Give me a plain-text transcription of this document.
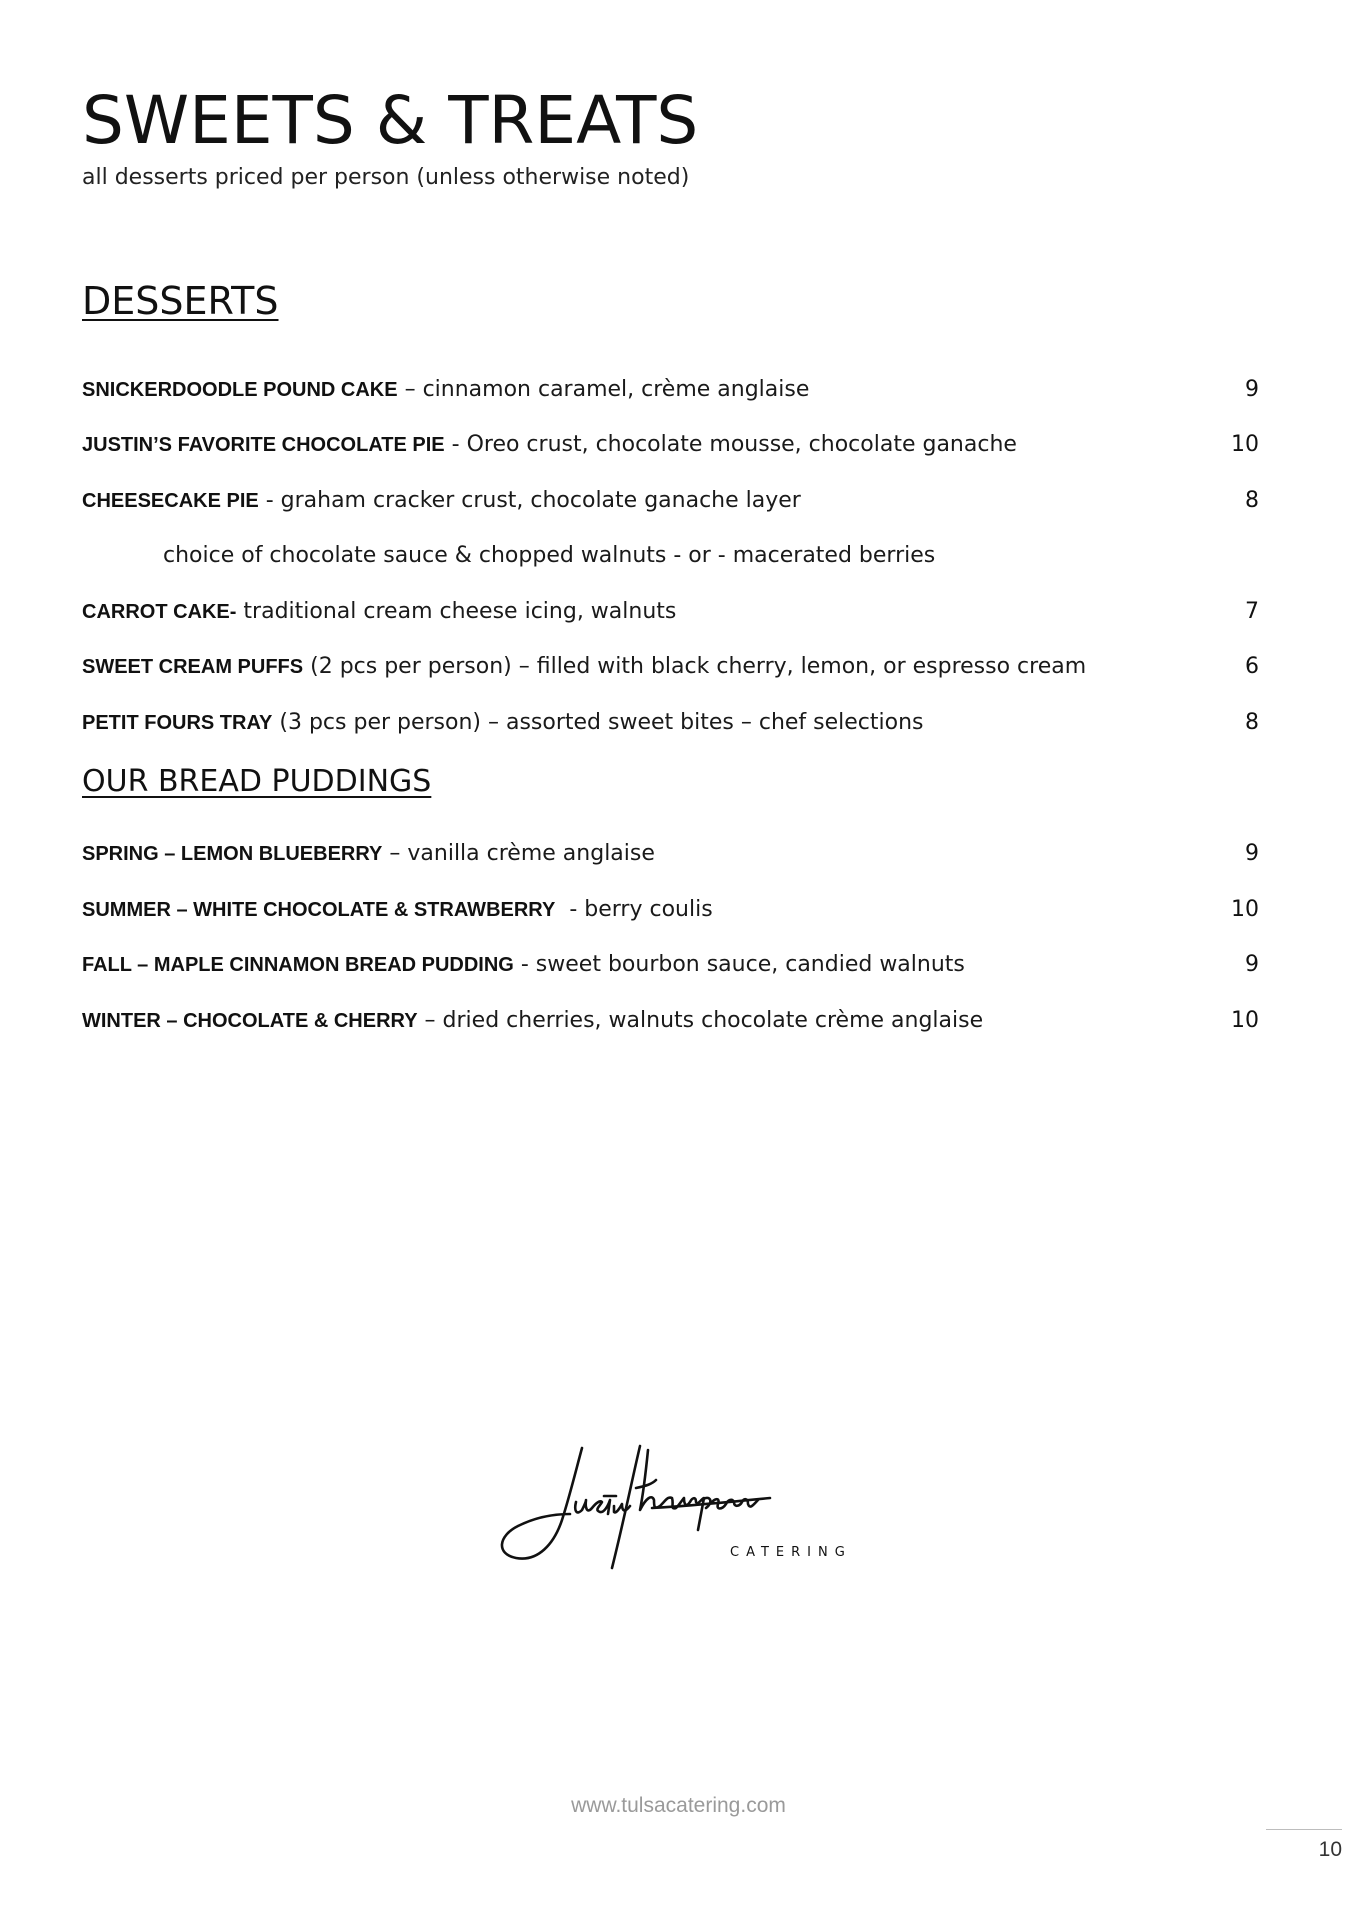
SWEETS & TREATS

all desserts priced per person (unless otherwise noted)

DESSERTS
SNICKERDOODLE POUND CAKE – cinnamon caramel, crème anglaise	9
JUSTIN’S FAVORITE CHOCOLATE PIE - Oreo crust, chocolate mousse, chocolate ganache	10
CHEESECAKE PIE - graham cracker crust, chocolate ganache layer	8
choice of chocolate sauce & chopped walnuts - or - macerated berries
CARROT CAKE- traditional cream cheese icing, walnuts	7
SWEET CREAM PUFFS (2 pcs per person) – filled with black cherry, lemon, or espresso cream	6
PETIT FOURS TRAY (3 pcs per person) – assorted sweet bites – chef selections	8
OUR BREAD PUDDINGS
SPRING – LEMON BLUEBERRY – vanilla crème anglaise	9
SUMMER – WHITE CHOCOLATE & STRAWBERRY  - berry coulis	10
FALL – MAPLE CINNAMON BREAD PUDDING - sweet bourbon sauce, candied walnuts	9
WINTER – CHOCOLATE & CHERRY – dried cherries, walnuts chocolate crème anglaise	10
CATERING
www.tulsacatering.com
10
